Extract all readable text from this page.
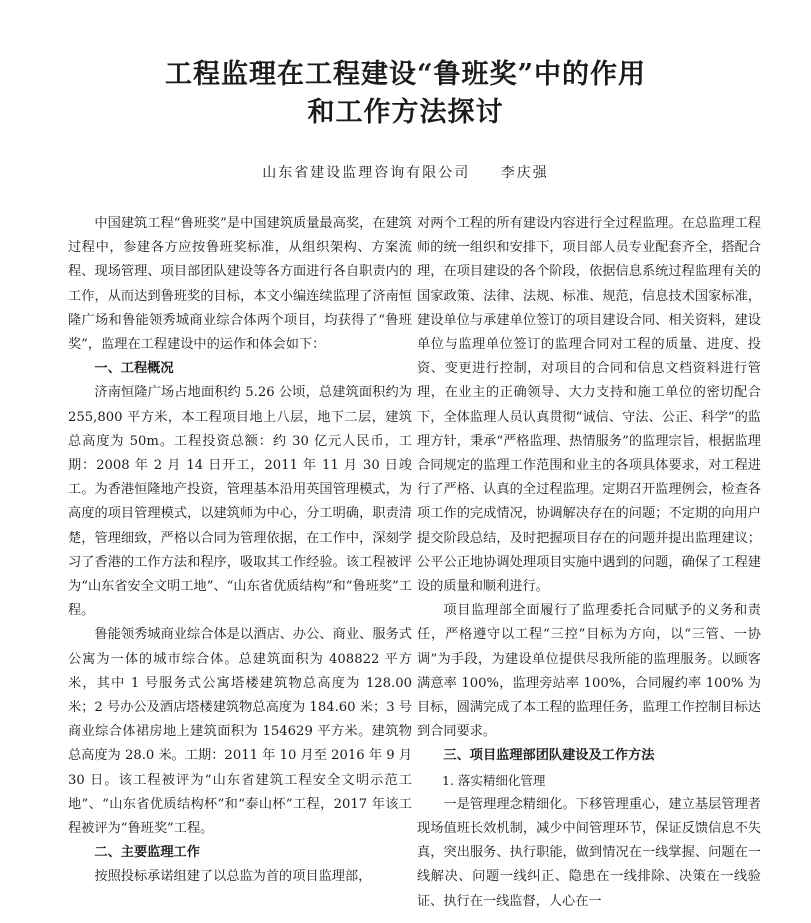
工程监理在工程建设“鲁班奖”中的作用
和工作方法探讨
山东省建设监理咨询有限公司 李庆强

中国建筑工程“鲁班奖”是中国建筑质量最高奖，在建筑过程中，参建各方应按鲁班奖标准，从组织架构、方案流程、现场管理、项目部团队建设等各方面进行各自职责内的工作，从而达到鲁班奖的目标，本文小编连续监理了济南恒隆广场和鲁能领秀城商业综合体两个项目，均获得了“鲁班奖”，监理在工程建设中的运作和体会如下：

一、工程概况

济南恒隆广场占地面积约 5.26 公顷，总建筑面积约为 255,800 平方米，本工程项目地上八层，地下二层，建筑总高度为 50m。工程投资总额：约 30 亿元人民币，工期：2008 年 2 月 14 日开工，2011 年 11 月 30 日竣工。为香港恒隆地产投资，管理基本沿用英国管理模式，为高度的项目管理模式，以建筑师为中心，分工明确，职责清楚，管理细致，严格以合同为管理依据，在工作中，深刻学习了香港的工作方法和程序，吸取其工作经验。该工程被评为“山东省安全文明工地”、“山东省优质结构”和“鲁班奖”工程。

鲁能领秀城商业综合体是以酒店、办公、商业、服务式公寓为一体的城市综合体。总建筑面积为 408822 平方米，其中 1 号服务式公寓塔楼建筑物总高度为 128.00 米；2 号办公及酒店塔楼建筑物总高度为 184.60 米；3 号商业综合体裙房地上建筑面积为 154629 平方米。建筑物总高度为 28.0 米。工期：2011 年 10 月至 2016 年 9 月 30 日。该工程被评为“山东省建筑工程安全文明示范工地”、“山东省优质结构杯”和“泰山杯”工程，2017 年该工程被评为“鲁班奖”工程。

二、主要监理工作

按照投标承诺组建了以总监为首的项目监理部，

对两个工程的所有建设内容进行全过程监理。在总监理工程师的统一组织和安排下，项目部人员专业配套齐全，搭配合理，在项目建设的各个阶段，依据信息系统过程监理有关的国家政策、法律、法规、标准、规范，信息技术国家标准，建设单位与承建单位签订的项目建设合同、相关资料，建设单位与监理单位签订的监理合同对工程的质量、进度、投资、变更进行控制，对项目的合同和信息文档资料进行管理，在业主的正确领导、大力支持和施工单位的密切配合下，全体监理人员认真贯彻“诚信、守法、公正、科学”的监理方针，秉承“严格监理、热情服务”的监理宗旨，根据监理合同规定的监理工作范围和业主的各项具体要求，对工程进行了严格、认真的全过程监理。定期召开监理例会，检查各项工作的完成情况，协调解决存在的问题；不定期的向用户提交阶段总结，及时把握项目存在的问题并提出监理建议；公平公正地协调处理项目实施中遇到的问题，确保了工程建设的质量和顺利进行。

项目监理部全面履行了监理委托合同赋予的义务和责任，严格遵守以工程“三控”目标为方向，以“三管、一协调”为手段，为建设单位提供尽我所能的监理服务。以顾客满意率 100%，监理旁站率 100%，合同履约率 100% 为目标，圆满完成了本工程的监理任务，监理工作控制目标达到合同要求。

三、项目监理部团队建设及工作方法
1. 落实精细化管理

一是管理理念精细化。下移管理重心，建立基层管理者现场值班长效机制，减少中间管理环节，保证反馈信息不失真，突出服务、执行职能，做到情况在一线掌握、问题在一线解决、问题一线纠正、隐患在一线排除、决策在一线验证、执行在一线监督，人心在一
